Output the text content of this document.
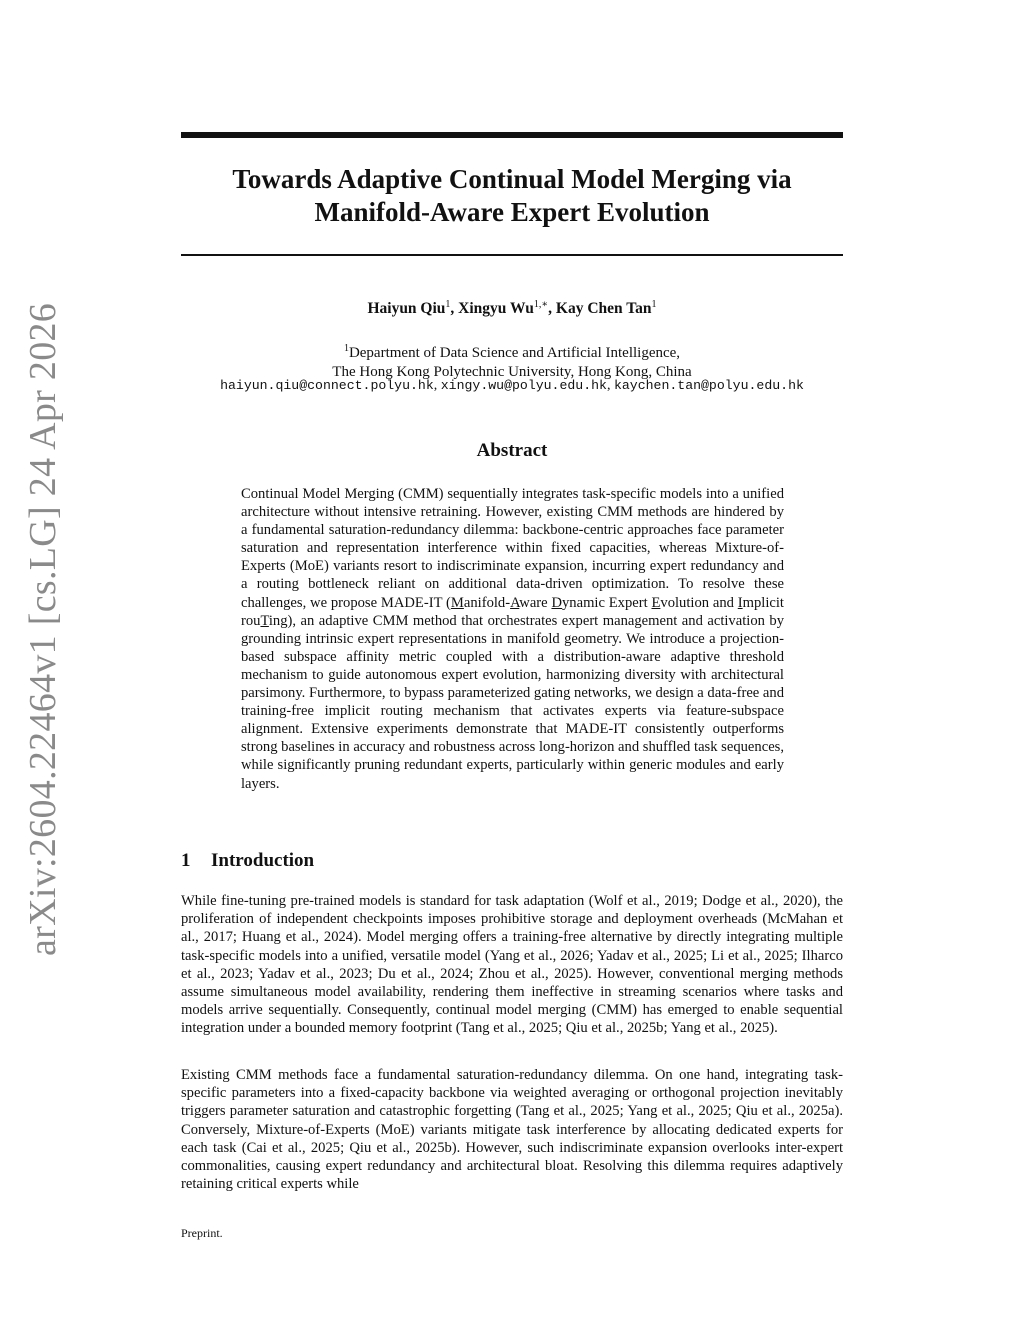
arXiv:2604.22464v1 [cs.LG] 24 Apr 2026
Towards Adaptive Continual Model Merging via
Manifold-Aware Expert Evolution
Haiyun Qiu$^1$, Xingyu $Wu^{1,∗}$, Kay Chen Tan$^1$
$^1$Department of Data Science and Artificial Intelligence,
The Hong Kong Polytechnic University, Hong Kong, China
haiyun.qiu@connect.polyu.hk, xingy.wu@polyu.edu.hk, kaychen.tan@polyu.edu.hk
Abstract
Continual Model Merging (CMM) sequentially integrates task-specific models into a unified architecture without intensive retraining. However, existing CMM methods are hindered by a fundamental saturation-redundancy dilemma: backbone-centric approaches face parameter saturation and representation interference within fixed capacities, whereas Mixture-of-Experts (MoE) variants resort to indiscriminate expansion, incurring expert redundancy and a routing bottleneck reliant on additional data-driven optimization. To resolve these challenges, we propose MADE-IT (Manifold-Aware Dynamic Expert Evolution and Implicit rouTing), an adaptive CMM method that orchestrates expert management and activation by grounding intrinsic expert representations in manifold geometry. We introduce a projection-based subspace affinity metric coupled with a distribution-aware adaptive threshold mechanism to guide autonomous expert evolution, harmonizing diversity with architectural parsimony. Furthermore, to bypass parameterized gating networks, we design a data-free and training-free implicit routing mechanism that activates experts via feature-subspace alignment. Extensive experiments demonstrate that MADE-IT consistently outperforms strong baselines in accuracy and robustness across long-horizon and shuffled task sequences, while significantly pruning redundant experts, particularly within generic modules and early layers.
1 Introduction
While fine-tuning pre-trained models is standard for task adaptation (Wolf et al., 2019; Dodge et al., 2020), the proliferation of independent checkpoints imposes prohibitive storage and deployment overheads (McMahan et al., 2017; Huang et al., 2024). Model merging offers a training-free alternative by directly integrating multiple task-specific models into a unified, versatile model (Yang et al., 2026; Yadav et al., 2025; Li et al., 2025; Ilharco et al., 2023; Yadav et al., 2023; Du et al., 2024; Zhou et al., 2025). However, conventional merging methods assume simultaneous model availability, rendering them ineffective in streaming scenarios where tasks and models arrive sequentially. Consequently, continual model merging (CMM) has emerged to enable sequential integration under a bounded memory footprint (Tang et al., 2025; Qiu et al., 2025b; Yang et al., 2025).
Existing CMM methods face a fundamental saturation-redundancy dilemma. On one hand, integrating task-specific parameters into a fixed-capacity backbone via weighted averaging or orthogonal projection inevitably triggers parameter saturation and catastrophic forgetting (Tang et al., 2025; Yang et al., 2025; Qiu et al., 2025a). Conversely, Mixture-of-Experts (MoE) variants mitigate task interference by allocating dedicated experts for each task (Cai et al., 2025; Qiu et al., 2025b). However, such indiscriminate expansion overlooks inter-expert commonalities, causing expert redundancy and architectural bloat. Resolving this dilemma requires adaptively retaining critical experts while
Preprint.
